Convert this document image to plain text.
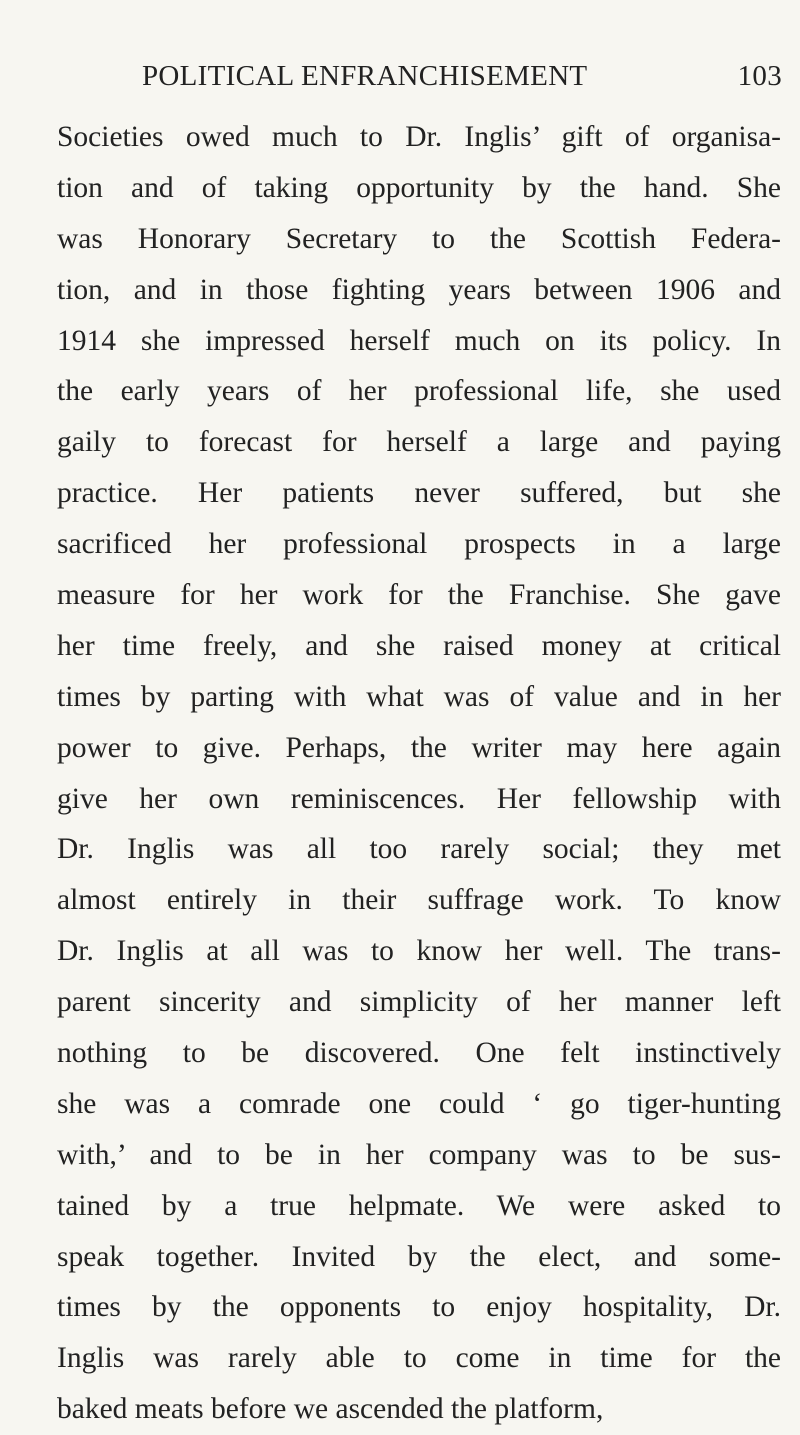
POLITICAL ENFRANCHISEMENT	103
Societies owed much to Dr. Inglis’ gift of organisa-
tion and of taking opportunity by the hand. She
was Honorary Secretary to the Scottish Federa-
tion, and in those fighting years between 1906 and
1914 she impressed herself much on its policy. In
the early years of her professional life, she used
gaily to forecast for herself a large and paying
practice. Her patients never suffered, but she
sacrificed her professional prospects in a large
measure for her work for the Franchise. She gave
her time freely, and she raised money at critical
times by parting with what was of value and in her
power to give. Perhaps, the writer may here again
give her own reminiscences. Her fellowship with
Dr. Inglis was all too rarely social; they met
almost entirely in their suffrage work. To know
Dr. Inglis at all was to know her well. The trans-
parent sincerity and simplicity of her manner left
nothing to be discovered. One felt instinctively
she was a comrade one could ‘ go tiger-hunting
with,’ and to be in her company was to be sus-
tained by a true helpmate. We were asked to
speak together. Invited by the elect, and some-
times by the opponents to enjoy hospitality, Dr.
Inglis was rarely able to come in time for the
baked meats before we ascended the platform,
